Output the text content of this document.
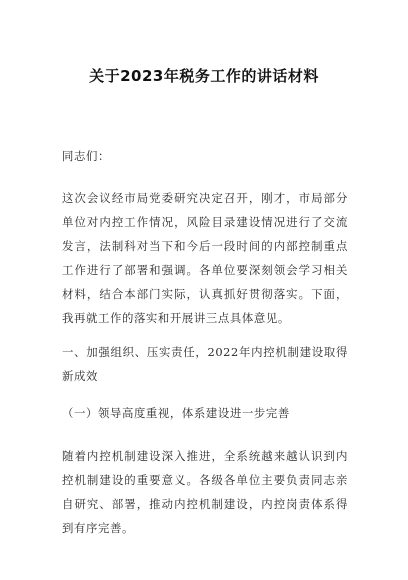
关于2023年税务工作的讲话材料
同志们：
这次会议经市局党委研究决定召开，刚才，市局部分单位对内控工作情况，风险目录建设情况进行了交流发言，法制科对当下和今后一段时间的内部控制重点工作进行了部署和强调。各单位要深刻领会学习相关材料，结合本部门实际，认真抓好贯彻落实。下面，我再就工作的落实和开展讲三点具体意见。
一、加强组织、压实责任，2022年内控机制建设取得新成效
（一）领导高度重视，体系建设进一步完善
随着内控机制建设深入推进，全系统越来越认识到内控机制建设的重要意义。各级各单位主要负责同志亲自研究、部署，推动内控机制建设，内控岗责体系得到有序完善。
